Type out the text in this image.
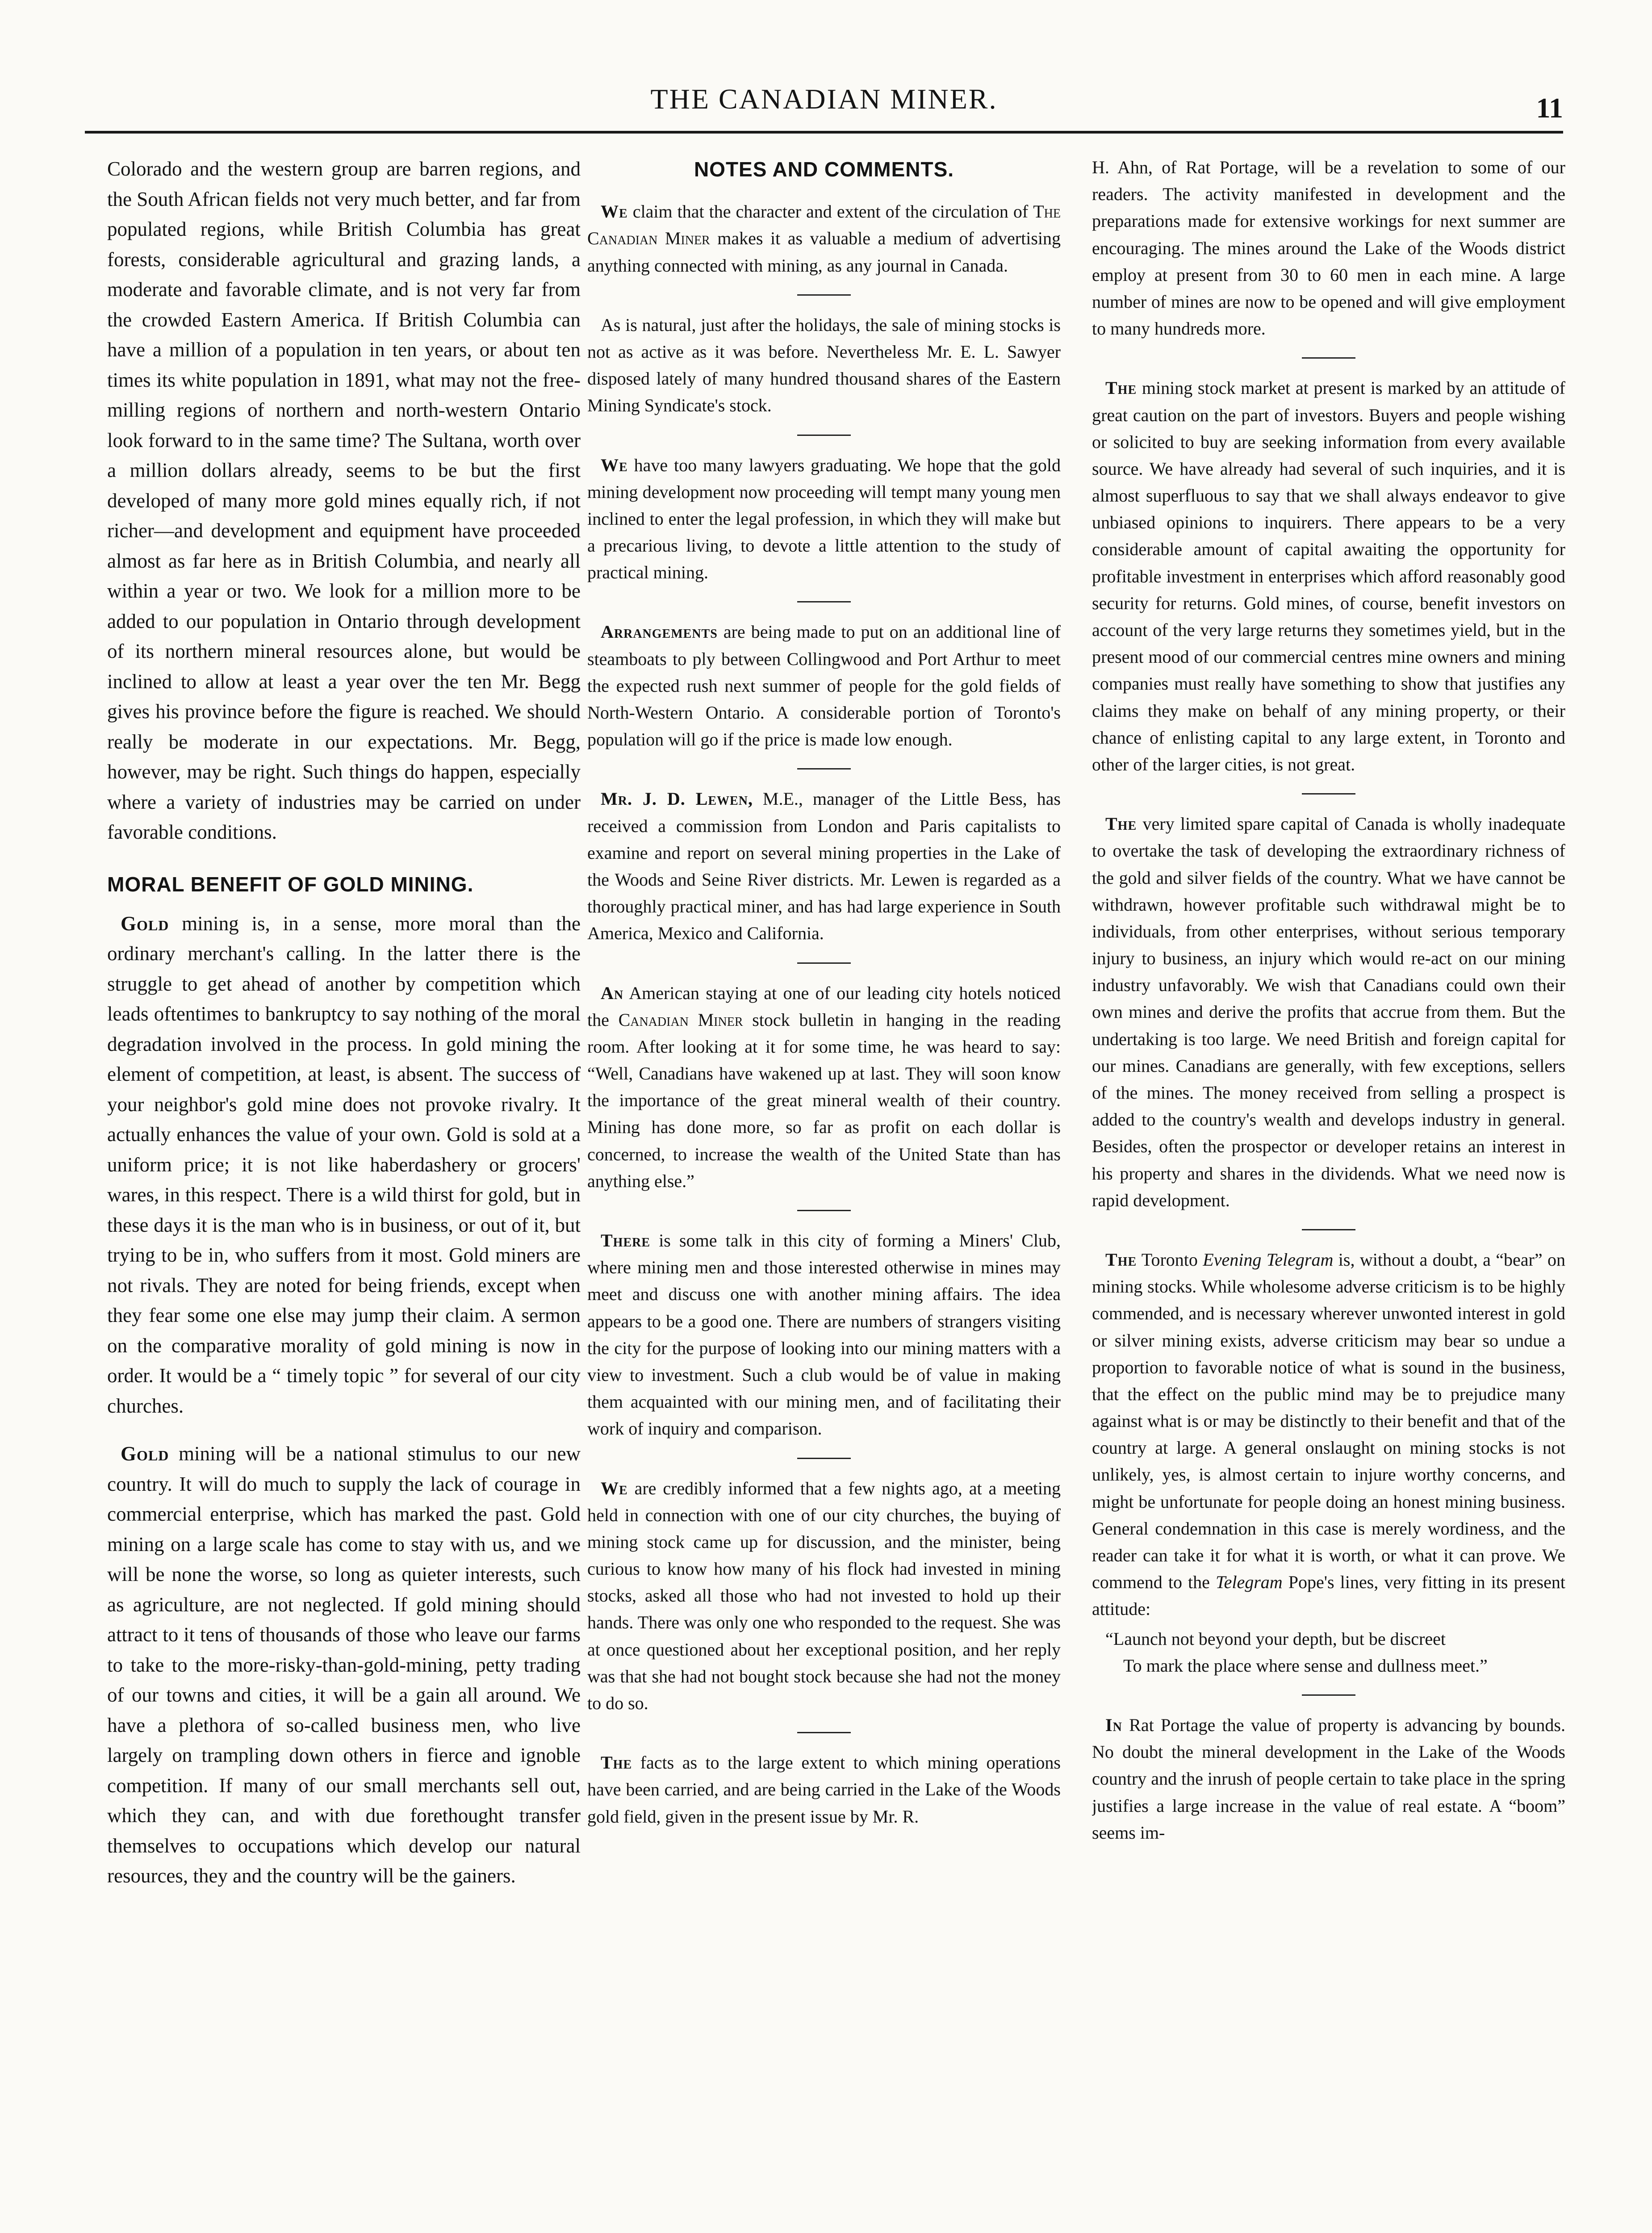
THE CANADIAN MINER.	11

Colorado and the western group are barren regions, and the South African fields not very much better, and far from populated regions, while British Columbia has great forests, considerable agricultural and grazing lands, a moderate and favorable climate, and is not very far from the crowded Eastern America. If British Columbia can have a million of a population in ten years, or about ten times its white population in 1891, what may not the free-milling regions of northern and north-western Ontario look forward to in the same time? The Sultana, worth over a million dollars already, seems to be but the first developed of many more gold mines equally rich, if not richer—and development and equipment have proceeded almost as far here as in British Columbia, and nearly all within a year or two. We look for a million more to be added to our population in Ontario through development of its northern mineral resources alone, but would be inclined to allow at least a year over the ten Mr. Begg gives his province before the figure is reached. We should really be moderate in our expectations. Mr. Begg, however, may be right. Such things do happen, especially where a variety of industries may be carried on under favorable conditions.

MORAL BENEFIT OF GOLD MINING.

Gold mining is, in a sense, more moral than the ordinary merchant's calling. In the latter there is the struggle to get ahead of another by competition which leads oftentimes to bankruptcy to say nothing of the moral degradation involved in the process. In gold mining the element of competition, at least, is absent. The success of your neighbor's gold mine does not provoke rivalry. It actually enhances the value of your own. Gold is sold at a uniform price; it is not like haberdashery or grocers' wares, in this respect. There is a wild thirst for gold, but in these days it is the man who is in business, or out of it, but trying to be in, who suffers from it most. Gold miners are not rivals. They are noted for being friends, except when they fear some one else may jump their claim. A sermon on the comparative morality of gold mining is now in order. It would be a “ timely topic ” for several of our city churches.

Gold mining will be a national stimulus to our new country. It will do much to supply the lack of courage in commercial enterprise, which has marked the past. Gold mining on a large scale has come to stay with us, and we will be none the worse, so long as quieter interests, such as agriculture, are not neglected. If gold mining should attract to it tens of thousands of those who leave our farms to take to the more-risky-than-gold-mining, petty trading of our towns and cities, it will be a gain all around. We have a plethora of so-called business men, who live largely on trampling down others in fierce and ignoble competition. If many of our small merchants sell out, which they can, and with due forethought transfer themselves to occupations which develop our natural resources, they and the country will be the gainers.

NOTES AND COMMENTS.

We claim that the character and extent of the circulation of The Canadian Miner makes it as valuable a medium of advertising anything connected with mining, as any journal in Canada.

As is natural, just after the holidays, the sale of mining stocks is not as active as it was before. Nevertheless Mr. E. L. Sawyer disposed lately of many hundred thousand shares of the Eastern Mining Syndicate's stock.

We have too many lawyers graduating. We hope that the gold mining development now proceeding will tempt many young men inclined to enter the legal profession, in which they will make but a precarious living, to devote a little attention to the study of practical mining.

Arrangements are being made to put on an additional line of steamboats to ply between Collingwood and Port Arthur to meet the expected rush next summer of people for the gold fields of North-Western Ontario. A considerable portion of Toronto's population will go if the price is made low enough.

Mr. J. D. Lewen, M.E., manager of the Little Bess, has received a commission from London and Paris capitalists to examine and report on several mining properties in the Lake of the Woods and Seine River districts. Mr. Lewen is regarded as a thoroughly practical miner, and has had large experience in South America, Mexico and California.

An American staying at one of our leading city hotels noticed the Canadian Miner stock bulletin in hanging in the reading room. After looking at it for some time, he was heard to say: “Well, Canadians have wakened up at last. They will soon know the importance of the great mineral wealth of their country. Mining has done more, so far as profit on each dollar is concerned, to increase the wealth of the United State than has anything else.”

There is some talk in this city of forming a Miners' Club, where mining men and those interested otherwise in mines may meet and discuss one with another mining affairs. The idea appears to be a good one. There are numbers of strangers visiting the city for the purpose of looking into our mining matters with a view to investment. Such a club would be of value in making them acquainted with our mining men, and of facilitating their work of inquiry and comparison.

We are credibly informed that a few nights ago, at a meeting held in connection with one of our city churches, the buying of mining stock came up for discussion, and the minister, being curious to know how many of his flock had invested in mining stocks, asked all those who had not invested to hold up their hands. There was only one who responded to the request. She was at once questioned about her exceptional position, and her reply was that she had not bought stock because she had not the money to do so.

The facts as to the large extent to which mining operations have been carried, and are being carried in the Lake of the Woods gold field, given in the present issue by Mr. R.

H. Ahn, of Rat Portage, will be a revelation to some of our readers. The activity manifested in development and the preparations made for extensive workings for next summer are encouraging. The mines around the Lake of the Woods district employ at present from 30 to 60 men in each mine. A large number of mines are now to be opened and will give employment to many hundreds more.

The mining stock market at present is marked by an attitude of great caution on the part of investors. Buyers and people wishing or solicited to buy are seeking information from every available source. We have already had several of such inquiries, and it is almost superfluous to say that we shall always endeavor to give unbiased opinions to inquirers. There appears to be a very considerable amount of capital awaiting the opportunity for profitable investment in enterprises which afford reasonably good security for returns. Gold mines, of course, benefit investors on account of the very large returns they sometimes yield, but in the present mood of our commercial centres mine owners and mining companies must really have something to show that justifies any claims they make on behalf of any mining property, or their chance of enlisting capital to any large extent, in Toronto and other of the larger cities, is not great.

The very limited spare capital of Canada is wholly inadequate to overtake the task of developing the extraordinary richness of the gold and silver fields of the country. What we have cannot be withdrawn, however profitable such withdrawal might be to individuals, from other enterprises, without serious temporary injury to business, an injury which would re-act on our mining industry unfavorably. We wish that Canadians could own their own mines and derive the profits that accrue from them. But the undertaking is too large. We need British and foreign capital for our mines. Canadians are generally, with few exceptions, sellers of the mines. The money received from selling a prospect is added to the country's wealth and develops industry in general. Besides, often the prospector or developer retains an interest in his property and shares in the dividends. What we need now is rapid development.

The Toronto Evening Telegram is, without a doubt, a “bear” on mining stocks. While wholesome adverse criticism is to be highly commended, and is necessary wherever unwonted interest in gold or silver mining exists, adverse criticism may bear so undue a proportion to favorable notice of what is sound in the business, that the effect on the public mind may be to prejudice many against what is or may be distinctly to their benefit and that of the country at large. A general onslaught on mining stocks is not unlikely, yes, is almost certain to injure worthy concerns, and might be unfortunate for people doing an honest mining business. General condemnation in this case is merely wordiness, and the reader can take it for what it is worth, or what it can prove. We commend to the Telegram Pope's lines, very fitting in its present attitude:

“Launch not beyond your depth, but be discreet

To mark the place where sense and dullness meet.”

In Rat Portage the value of property is advancing by bounds. No doubt the mineral development in the Lake of the Woods country and the inrush of people certain to take place in the spring justifies a large increase in the value of real estate. A “boom” seems im-
